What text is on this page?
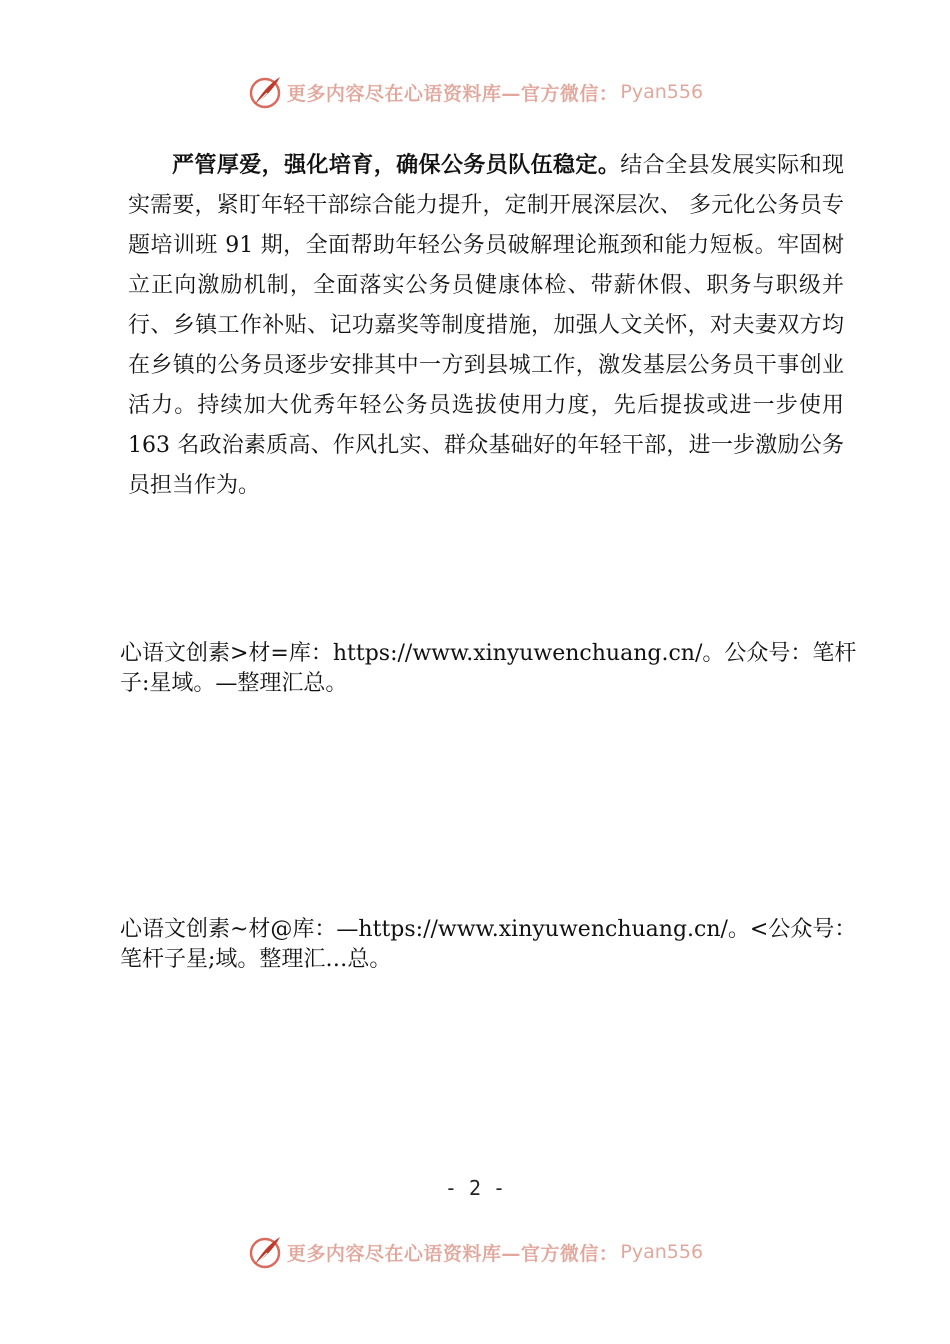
更多内容尽在心语资料库—官方微信： Pyan556

严管厚爱，强化培育，确保公务员队伍稳定。结合全县发展实际和现实需要，紧盯年轻干部综合能力提升，定制开展深层次、 多元化公务员专题培训班 91 期，全面帮助年轻公务员破解理论瓶颈和能力短板。牢固树立正向激励机制，全面落实公务员健康体检、带薪休假、职务与职级并行、乡镇工作补贴、记功嘉奖等制度措施，加强人文关怀，对夫妻双方均在乡镇的公务员逐步安排其中一方到县城工作，激发基层公务员干事创业活力。持续加大优秀年轻公务员选拔使用力度，先后提拔或进一步使用 163 名政治素质高、作风扎实、群众基础好的年轻干部，进一步激励公务员担当作为。

心语文创素>材=库：https://www.xinyuwenchuang.cn/。公众号：笔杆子:星域。—整理汇总。

心语文创素~材@库：—https://www.xinyuwenchuang.cn/。<公众号：笔杆子星;域。整理汇…总。

- 2 -
更多内容尽在心语资料库—官方微信： Pyan556
